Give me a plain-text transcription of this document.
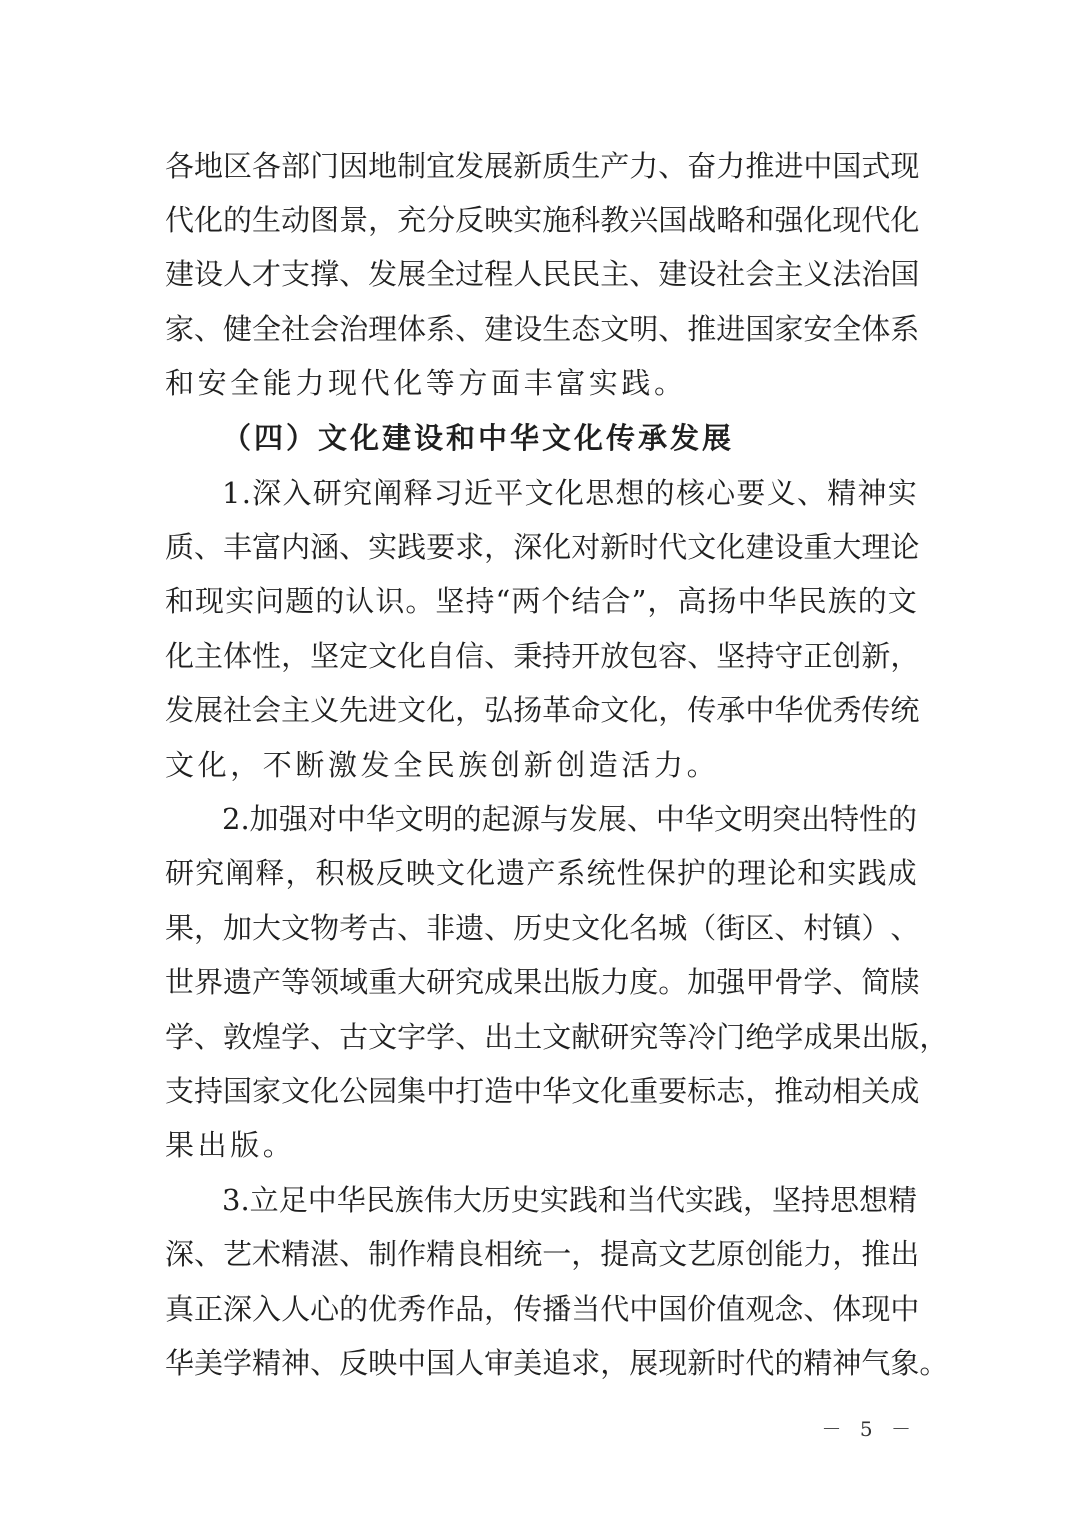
各 地 区 各 部 门 因 地 制 宜 发 展 新 质 生 产 力 、 奋 力 推 进 中 国 式 现
代 化 的 生 动 图 景 ， 充 分 反 映 实 施 科 教 兴 国 战 略 和 强 化 现 代 化
建 设 人 才 支 撑 、 发 展 全 过 程 人 民 民 主 、 建 设 社 会 主 义 法 治 国
家 、 健 全 社 会 治 理 体 系 、 建 设 生 态 文 明 、 推 进 国 家 安 全 体 系
和安全能力现代化等方面丰富实践。
（四）文化建设和中华文化传承发展
1 . 深 入 研 究 阐 释 习 近 平 文 化 思 想 的 核 心 要 义 、 精 神 实
质 、 丰 富 内 涵 、 实 践 要 求 ， 深 化 对 新 时 代 文 化 建 设 重 大 理 论
和 现 实 问 题 的 认 识 。 坚 持 “ 两 个 结 合 ” ， 高 扬 中 华 民 族 的 文
化 主 体 性 ， 坚 定 文 化 自 信 、 秉 持 开 放 包 容 、 坚 持 守 正 创 新 ，
发 展 社 会 主 义 先 进 文 化 ， 弘 扬 革 命 文 化 ， 传 承 中 华 优 秀 传 统
文化，不断激发全民族创新创造活力。
2 . 加 强 对 中 华 文 明 的 起 源 与 发 展 、 中 华 文 明 突 出 特 性 的
研 究 阐 释 ， 积 极 反 映 文 化 遗 产 系 统 性 保 护 的 理 论 和 实 践 成
果 ， 加 大 文 物 考 古 、 非 遗 、 历 史 文 化 名 城 （ 街 区 、 村 镇 ） 、
世 界 遗 产 等 领 域 重 大 研 究 成 果 出 版 力 度 。 加 强 甲 骨 学 、 简 牍
学 、 敦 煌 学 、 古 文 字 学 、 出 土 文 献 研 究 等 冷 门 绝 学 成 果 出 版 ，
支 持 国 家 文 化 公 园 集 中 打 造 中 华 文 化 重 要 标 志 ， 推 动 相 关 成
果出版。
3 . 立 足 中 华 民 族 伟 大 历 史 实 践 和 当 代 实 践 ， 坚 持 思 想 精
深 、 艺 术 精 湛 、 制 作 精 良 相 统 一 ， 提 高 文 艺 原 创 能 力 ， 推 出
真 正 深 入 人 心 的 优 秀 作 品 ， 传 播 当 代 中 国 价 值 观 念 、 体 现 中
华 美 学 精 神 、 反 映 中 国 人 审 美 追 求 ， 展 现 新 时 代 的 精 神 气 象 。
－ 5 －
